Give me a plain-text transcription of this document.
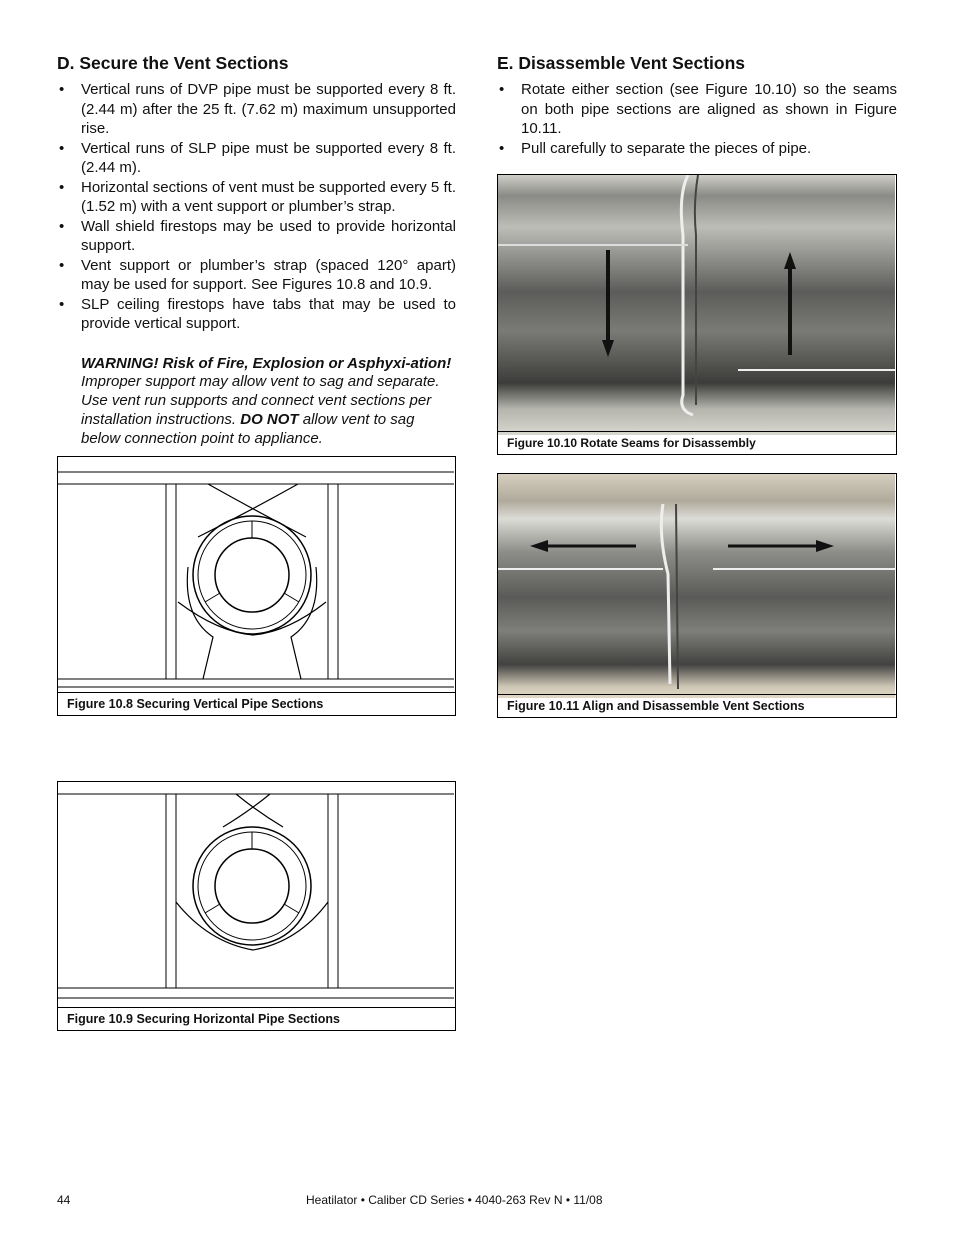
D. Secure the Vent Sections
• Vertical runs of DVP pipe must be supported every 8 ft. (2.44 m) after the 25 ft. (7.62 m) maximum unsupported rise.
• Vertical runs of SLP pipe must be supported every 8 ft. (2.44 m).
• Horizontal sections of vent must be supported every 5 ft. (1.52 m) with a vent support or plumber’s strap.
• Wall shield firestops may be used to provide horizontal support.
• Vent support or plumber’s strap (spaced 120° apart) may be used for support. See Figures 10.8 and 10.9.
• SLP ceiling firestops have tabs that may be used to provide vertical support.
WARNING! Risk of Fire, Explosion or Asphyxi-ation! Improper support may allow vent to sag and separate. Use vent run supports and connect vent sections per installation instructions. DO NOT allow vent to sag below connection point to appliance.
Figure 10.8 Securing Vertical Pipe Sections
Figure 10.9 Securing Horizontal Pipe Sections
E. Disassemble Vent Sections
• Rotate either section (see Figure 10.10) so the seams on both pipe sections are aligned as shown in Figure 10.11.
• Pull carefully to separate the pieces of pipe.
Figure 10.10 Rotate Seams for Disassembly
Figure 10.11 Align and Disassemble Vent Sections
44	Heatilator • Caliber CD Series • 4040-263 Rev N • 11/08
